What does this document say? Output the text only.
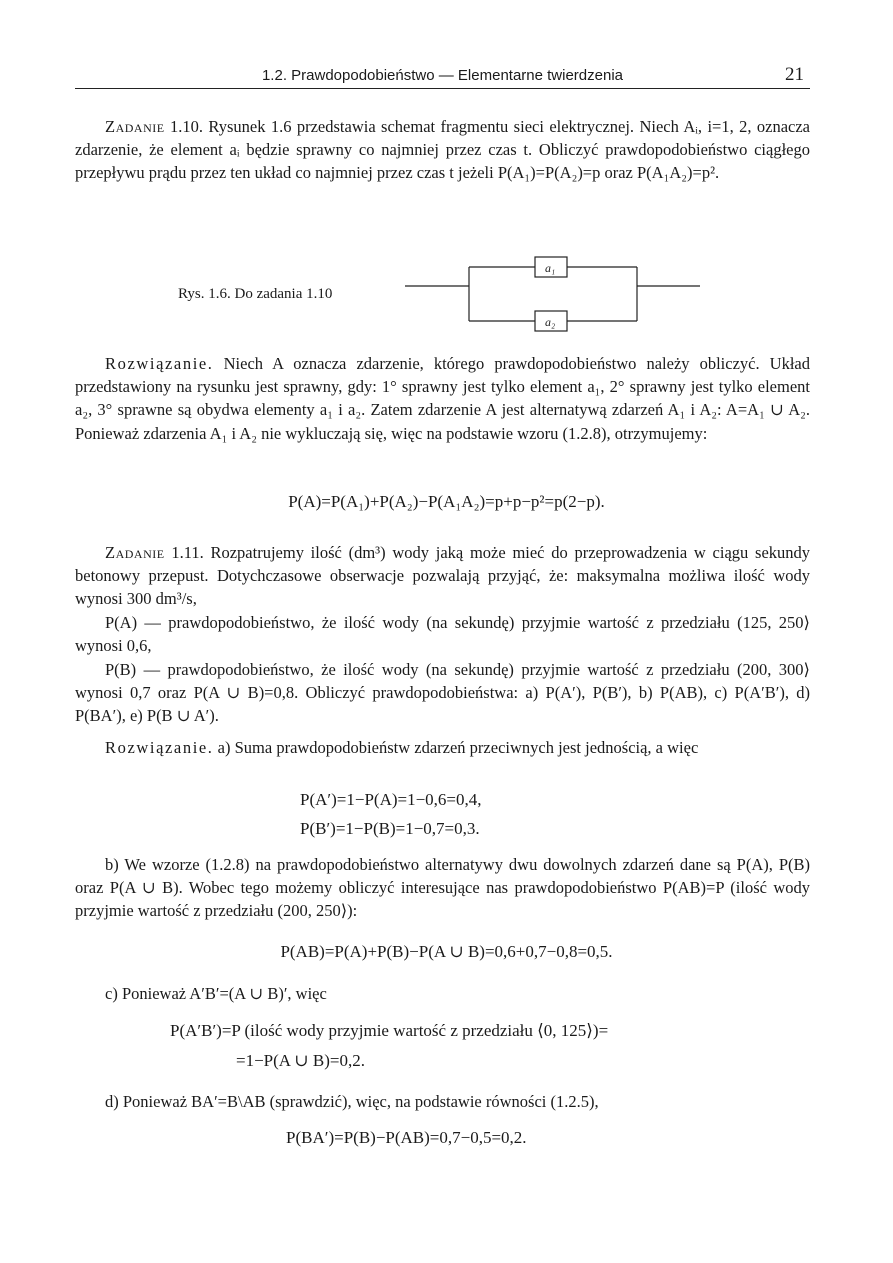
1.2. Prawdopodobieństwo — Elementarne twierdzenia	21
Zadanie 1.10. Rysunek 1.6 przedstawia schemat fragmentu sieci elektrycznej. Niech Aᵢ, i=1, 2, oznacza zdarzenie, że element aᵢ będzie sprawny co najmniej przez czas t. Obliczyć prawdopodobieństwo ciągłego przepływu prądu przez ten układ co najmniej przez czas t jeżeli P(A₁)=P(A₂)=p oraz P(A₁A₂)=p².
Rys. 1.6. Do zadania 1.10
a₁
a₂
Rozwiązanie. Niech A oznacza zdarzenie, którego prawdopodobieństwo należy obliczyć. Układ przedstawiony na rysunku jest sprawny, gdy: 1° sprawny jest tylko element a₁, 2° sprawny jest tylko element a₂, 3° sprawne są obydwa elementy a₁ i a₂. Zatem zdarzenie A jest alternatywą zdarzeń A₁ i A₂: A=A₁ ∪ A₂. Ponieważ zdarzenia A₁ i A₂ nie wykluczają się, więc na podstawie wzoru (1.2.8), otrzymujemy:
P(A)=P(A₁)+P(A₂)−P(A₁A₂)=p+p−p²=p(2−p).
Zadanie 1.11. Rozpatrujemy ilość (dm³) wody jaką może mieć do przeprowadzenia w ciągu sekundy betonowy przepust. Dotychczasowe obserwacje pozwalają przyjąć, że: maksymalna możliwa ilość wody wynosi 300 dm³/s,
P(A) — prawdopodobieństwo, że ilość wody (na sekundę) przyjmie wartość z przedziału (125, 250⟩ wynosi 0,6,
P(B) — prawdopodobieństwo, że ilość wody (na sekundę) przyjmie wartość z przedziału (200, 300⟩ wynosi 0,7 oraz P(A ∪ B)=0,8. Obliczyć prawdopodobieństwa: a) P(A′), P(B′), b) P(AB), c) P(A′B′), d) P(BA′), e) P(B ∪ A′).
Rozwiązanie. a) Suma prawdopodobieństw zdarzeń przeciwnych jest jednością, a więc
P(A′)=1−P(A)=1−0,6=0,4,
P(B′)=1−P(B)=1−0,7=0,3.
b) We wzorze (1.2.8) na prawdopodobieństwo alternatywy dwu dowolnych zdarzeń dane są P(A), P(B) oraz P(A ∪ B). Wobec tego możemy obliczyć interesujące nas prawdopodobieństwo P(AB)=P (ilość wody przyjmie wartość z przedziału (200, 250⟩):
P(AB)=P(A)+P(B)−P(A ∪ B)=0,6+0,7−0,8=0,5.
c) Ponieważ A′B′=(A ∪ B)′, więc
P(A′B′)=P (ilość wody przyjmie wartość z przedziału ⟨0, 125⟩)=
=1−P(A ∪ B)=0,2.
d) Ponieważ BA′=B\AB (sprawdzić), więc, na podstawie równości (1.2.5),
P(BA′)=P(B)−P(AB)=0,7−0,5=0,2.
